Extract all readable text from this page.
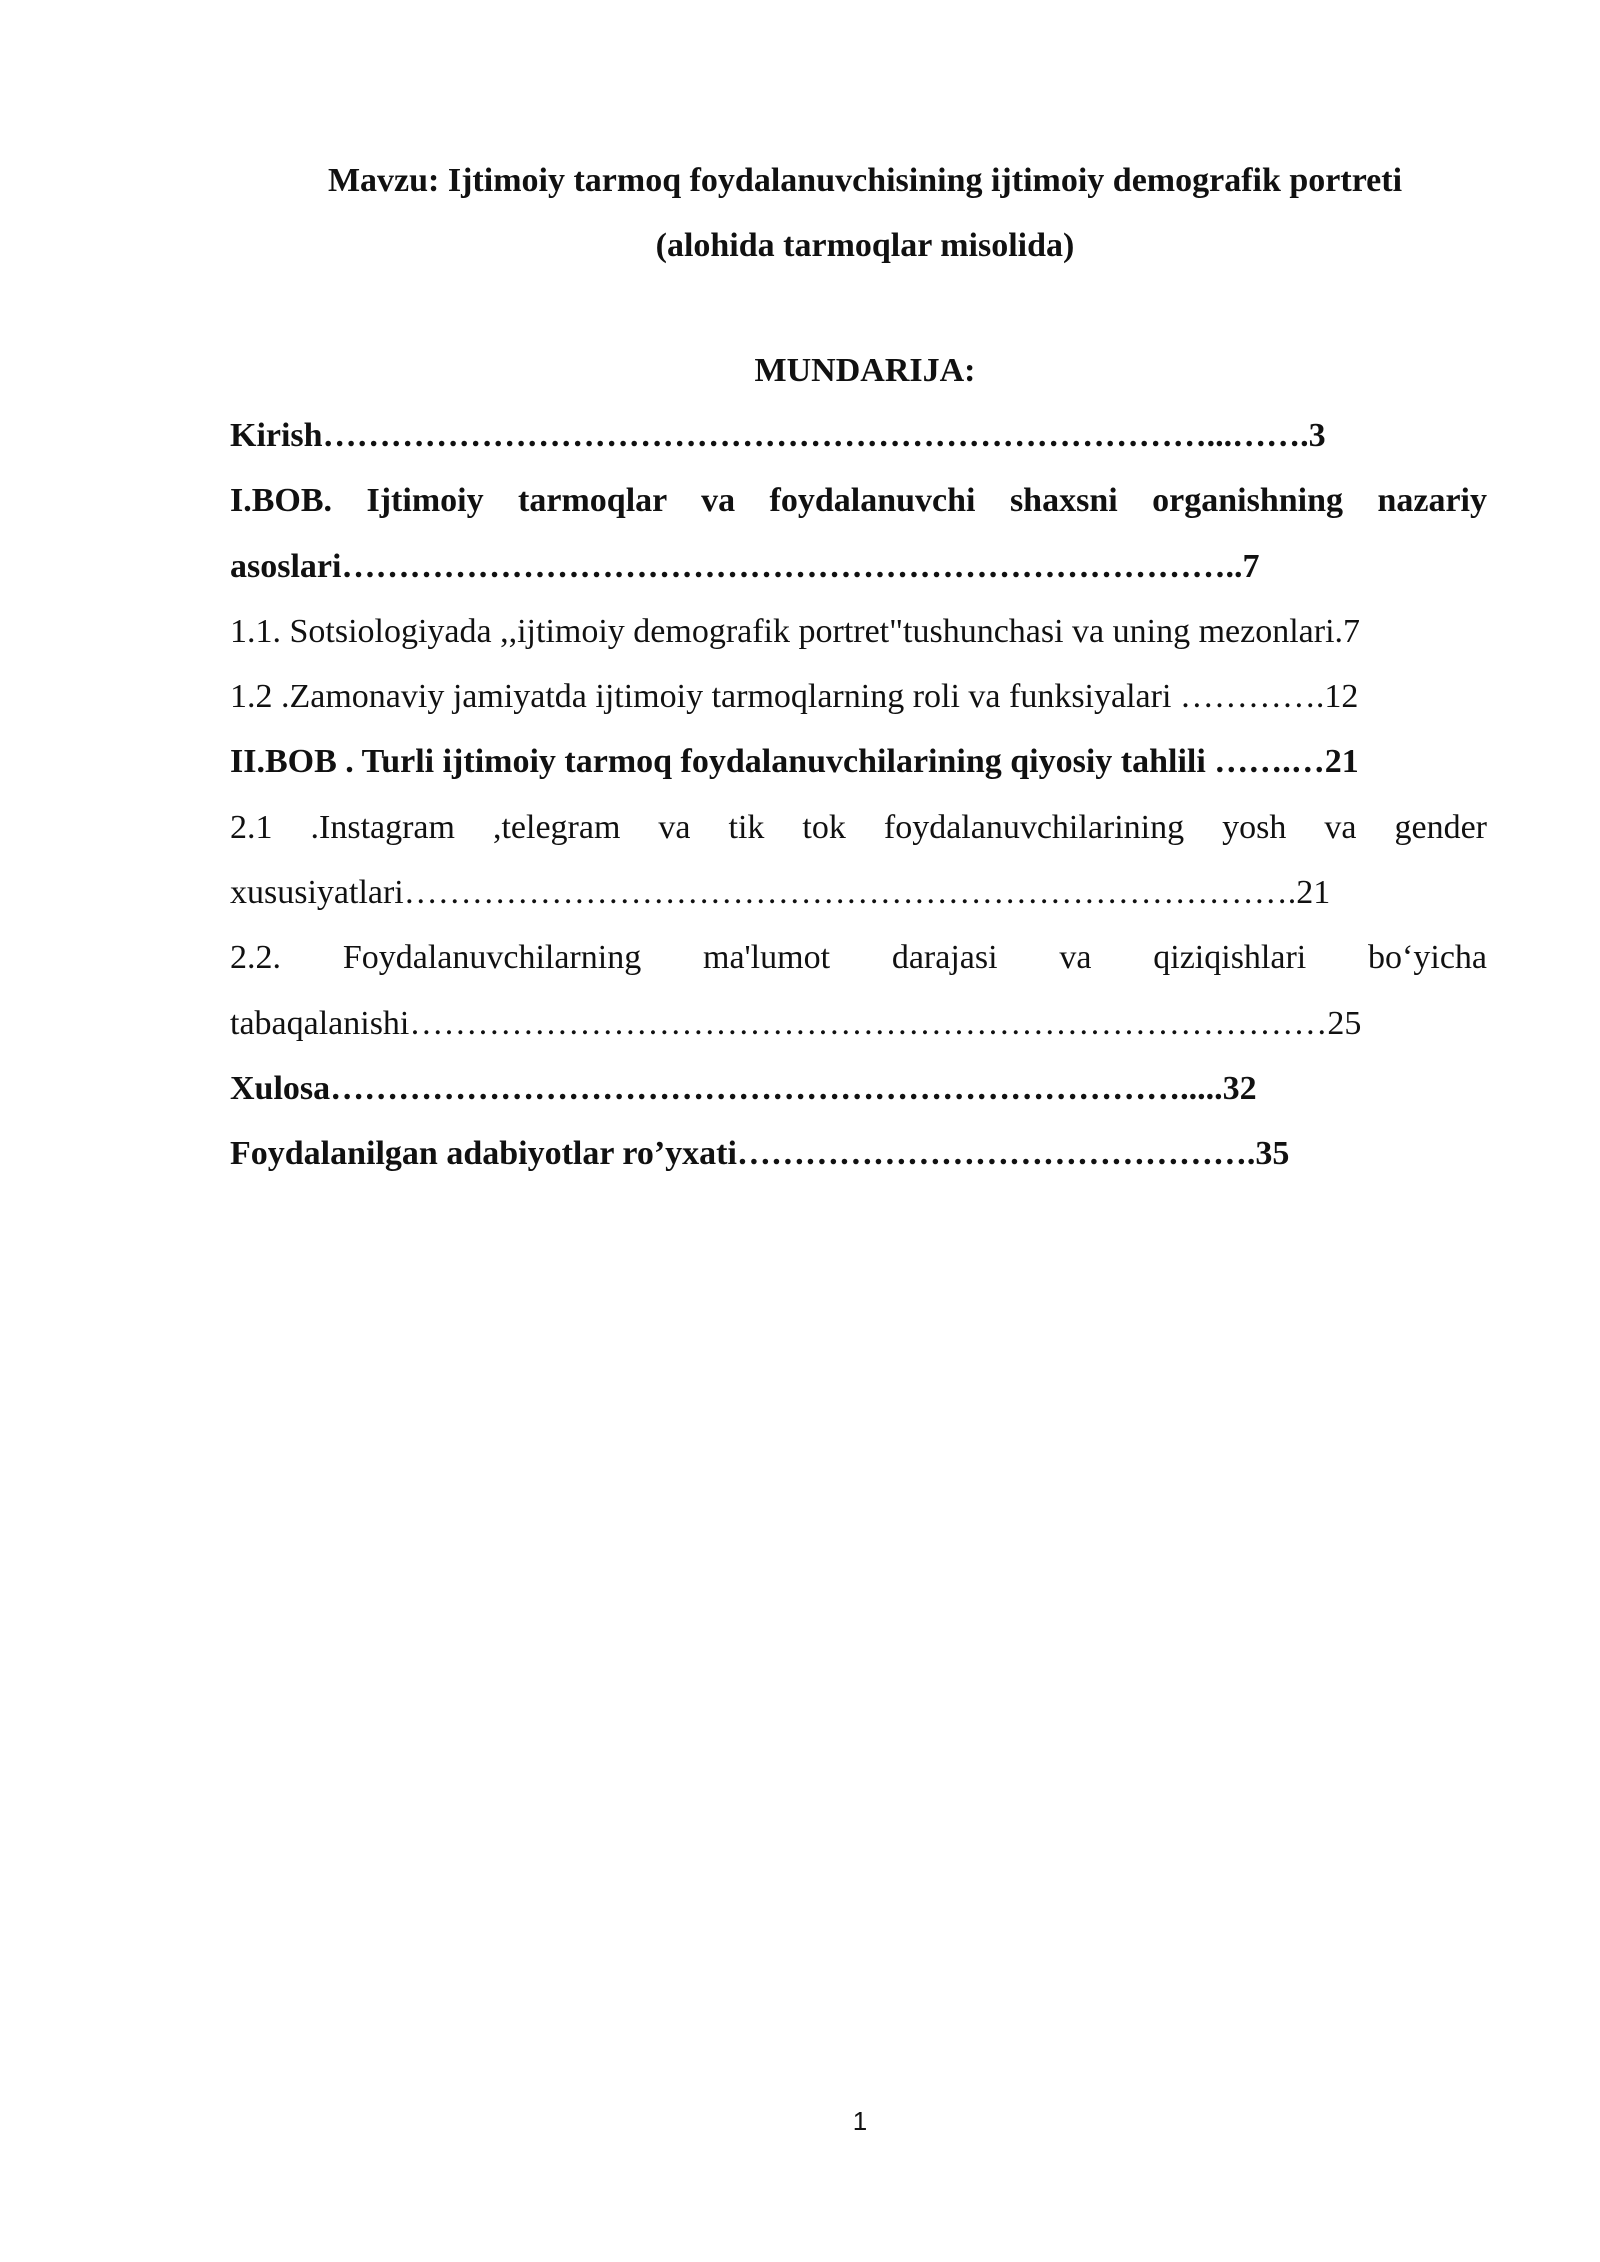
Mavzu: Ijtimoiy tarmoq foydalanuvchisining ijtimoiy demografik portreti
(alohida tarmoqlar misolida)
MUNDARIJA:
Kirish……………………………………………………………………...…….3
I.BOB. Ijtimoiy tarmoqlar va foydalanuvchi shaxsni organishning nazariy
asoslari……………………………………………………………………..7
1.1. Sotsiologiyada ,,ijtimoiy demografik portret"tushunchasi va uning mezonlari.7
1.2 .Zamonaviy jamiyatda ijtimoiy tarmoqlarning roli va funksiyalari ………….12
II.BOB . Turli ijtimoiy tarmoq foydalanuvchilarining qiyosiy tahlili …….…21
2.1 .Instagram ,telegram va tik tok foydalanuvchilarining yosh va gender
xususiyatlari…………………………………………………………………….21
2.2. Foydalanuvchilarning ma'lumot darajasi va qiziqishlari bo‘yicha
tabaqalanishi………………………………………………………………………25
Xulosa………………………………………………………………….....32
Foydalanilgan adabiyotlar ro’yxati……………………………………….35
1
